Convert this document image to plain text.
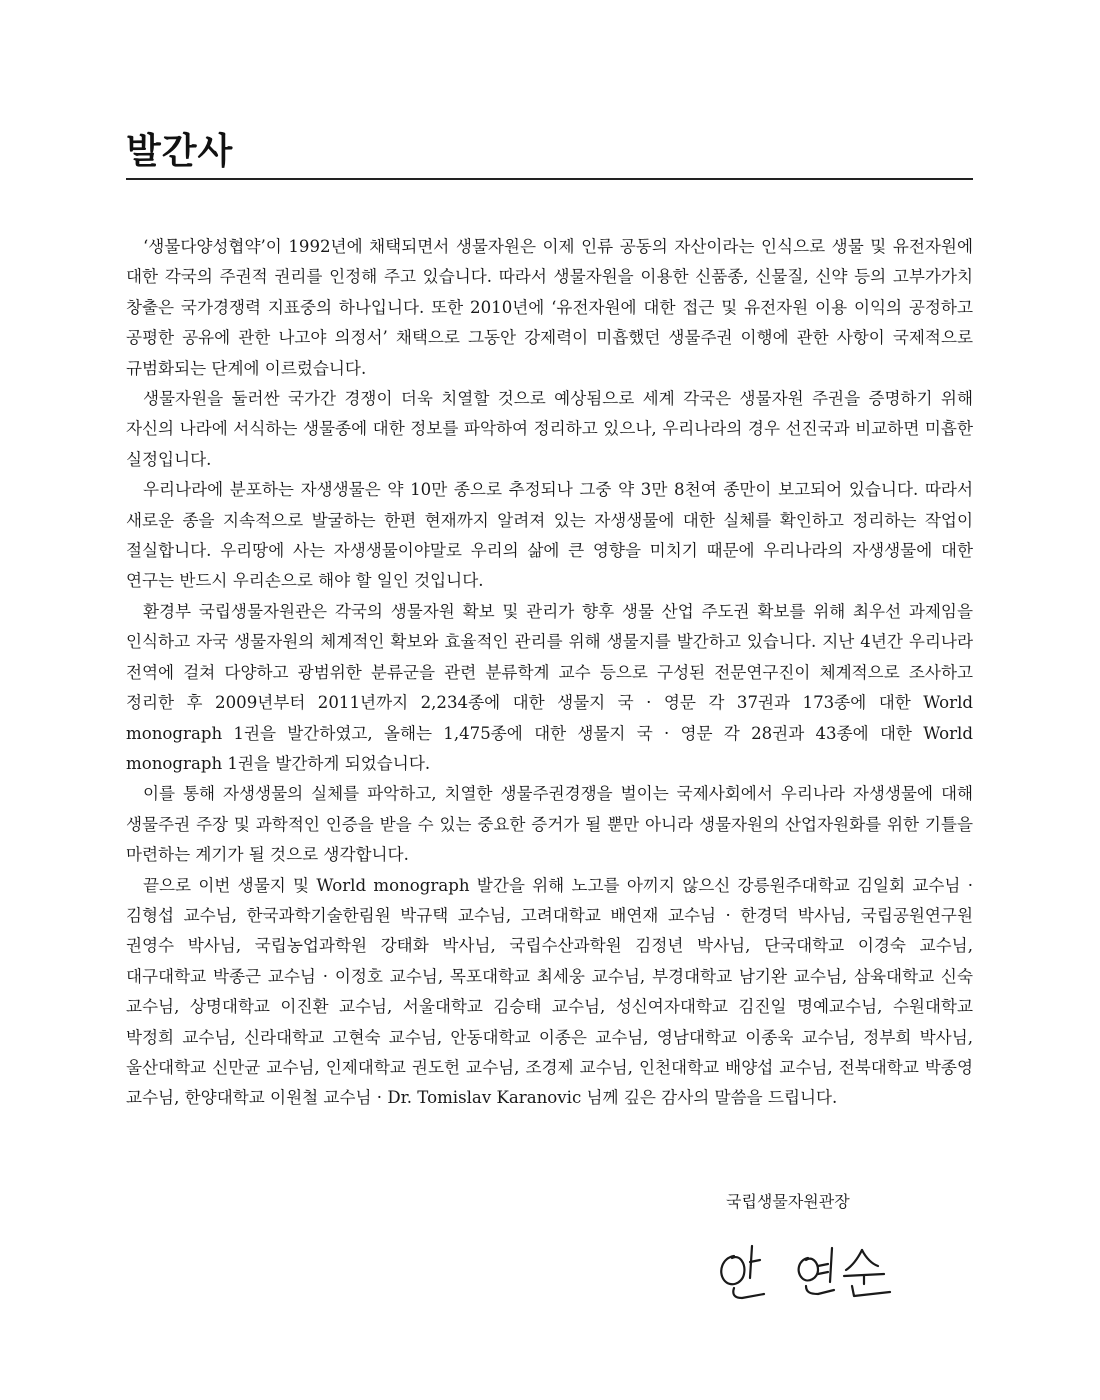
발간사

‘생물다양성협약’이 1992년에 채택되면서 생물자원은 이제 인류 공동의 자산이라는 인식으로 생물 및 유전자원에 대한 각국의 주권적 권리를 인정해 주고 있습니다. 따라서 생물자원을 이용한 신품종, 신물질, 신약 등의 고부가가치 창출은 국가경쟁력 지표중의 하나입니다. 또한 2010년에 ‘유전자원에 대한 접근 및 유전자원 이용 이익의 공정하고 공평한 공유에 관한 나고야 의정서’ 채택으로 그동안 강제력이 미흡했던 생물주권 이행에 관한 사항이 국제적으로 규범화되는 단계에 이르렀습니다.

생물자원을 둘러싼 국가간 경쟁이 더욱 치열할 것으로 예상됨으로 세계 각국은 생물자원 주권을 증명하기 위해 자신의 나라에 서식하는 생물종에 대한 정보를 파악하여 정리하고 있으나, 우리나라의 경우 선진국과 비교하면 미흡한 실정입니다.

우리나라에 분포하는 자생생물은 약 10만 종으로 추정되나 그중 약 3만 8천여 종만이 보고되어 있습니다. 따라서 새로운 종을 지속적으로 발굴하는 한편 현재까지 알려져 있는 자생생물에 대한 실체를 확인하고 정리하는 작업이 절실합니다. 우리땅에 사는 자생생물이야말로 우리의 삶에 큰 영향을 미치기 때문에 우리나라의 자생생물에 대한 연구는 반드시 우리손으로 해야 할 일인 것입니다.

환경부 국립생물자원관은 각국의 생물자원 확보 및 관리가 향후 생물 산업 주도권 확보를 위해 최우선 과제임을 인식하고 자국 생물자원의 체계적인 확보와 효율적인 관리를 위해 생물지를 발간하고 있습니다. 지난 4년간 우리나라 전역에 걸쳐 다양하고 광범위한 분류군을 관련 분류학계 교수 등으로 구성된 전문연구진이 체계적으로 조사하고 정리한 후 2009년부터 2011년까지 2,234종에 대한 생물지 국 · 영문 각 37권과 173종에 대한 World monograph 1권을 발간하였고, 올해는 1,475종에 대한 생물지 국 · 영문 각 28권과 43종에 대한 World monograph 1권을 발간하게 되었습니다.

이를 통해 자생생물의 실체를 파악하고, 치열한 생물주권경쟁을 벌이는 국제사회에서 우리나라 자생생물에 대해 생물주권 주장 및 과학적인 인증을 받을 수 있는 중요한 증거가 될 뿐만 아니라 생물자원의 산업자원화를 위한 기틀을 마련하는 계기가 될 것으로 생각합니다.

끝으로 이번 생물지 및 World monograph 발간을 위해 노고를 아끼지 않으신 강릉원주대학교 김일회 교수님 · 김형섭 교수님, 한국과학기술한림원 박규택 교수님, 고려대학교 배연재 교수님 · 한경덕 박사님, 국립공원연구원 권영수 박사님, 국립농업과학원 강태화 박사님, 국립수산과학원 김정년 박사님, 단국대학교 이경숙 교수님, 대구대학교 박종근 교수님 · 이정호 교수님, 목포대학교 최세웅 교수님, 부경대학교 남기완 교수님, 삼육대학교 신숙 교수님, 상명대학교 이진환 교수님, 서울대학교 김승태 교수님, 성신여자대학교 김진일 명예교수님, 수원대학교 박정희 교수님, 신라대학교 고현숙 교수님, 안동대학교 이종은 교수님, 영남대학교 이종욱 교수님, 정부희 박사님, 울산대학교 신만균 교수님, 인제대학교 권도헌 교수님, 조경제 교수님, 인천대학교 배양섭 교수님, 전북대학교 박종영 교수님, 한양대학교 이원철 교수님 · Dr. Tomislav Karanovic 님께 깊은 감사의 말씀을 드립니다.

국립생물자원관장
